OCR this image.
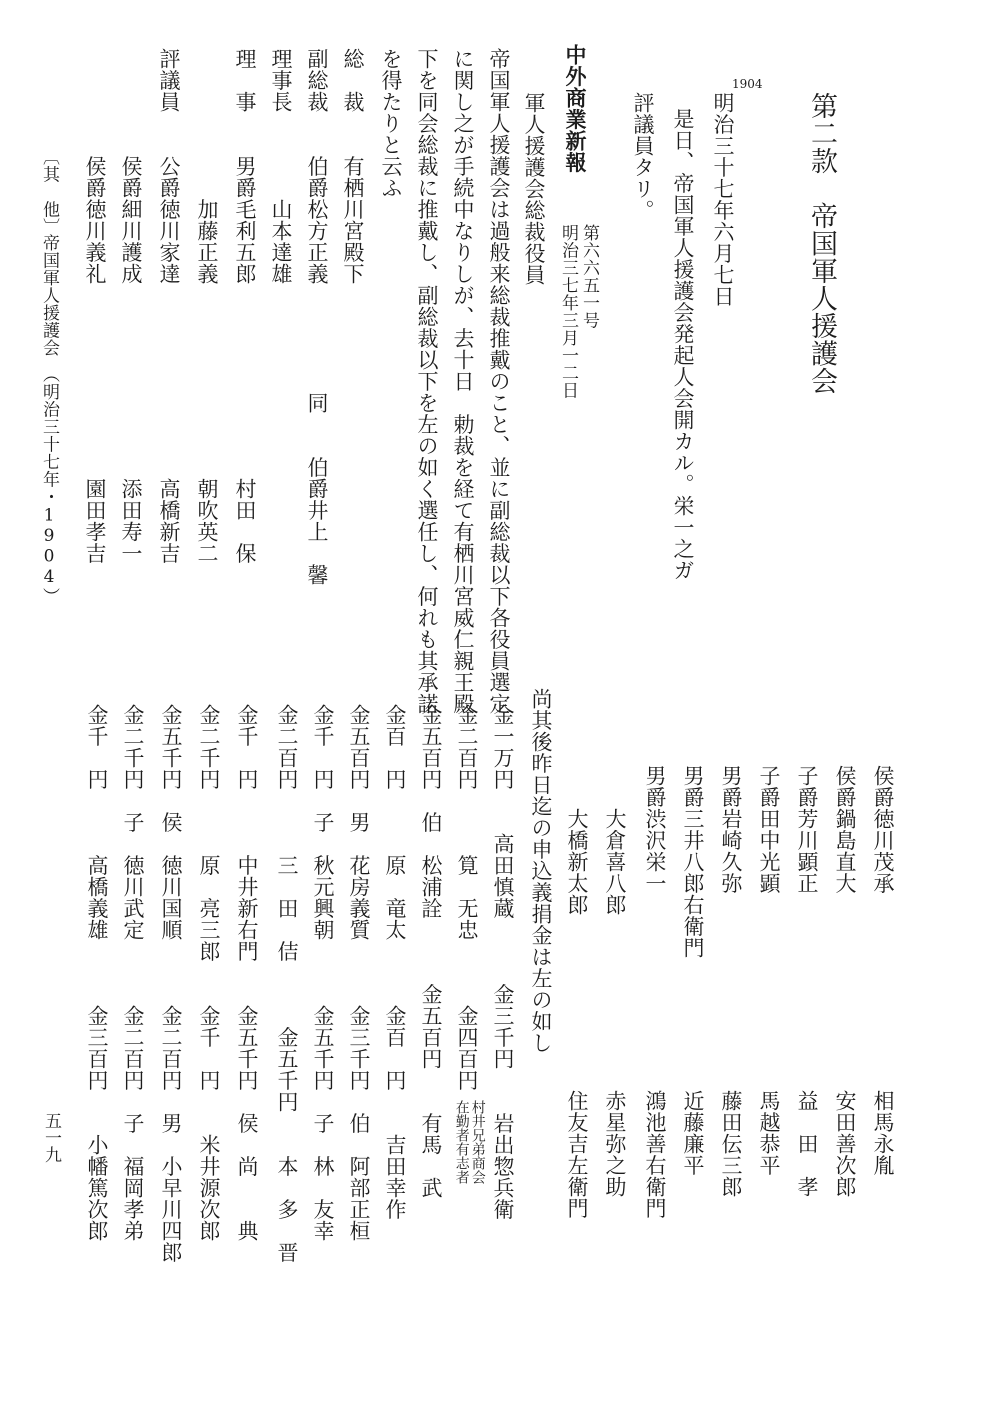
第二款　帝国軍人援護会
1904
明治三十七年六月七日
是日、帝国軍人援護会発起人会開カル。栄一之ガ
評議員タリ。
中外商業新報
第六六五一号
明治三七年三月一二日
軍人援護会総裁役員
帝国軍人援護会は過般来総裁推戴のこと、並に副総裁以下各役員選定
に関し之が手続中なりしが、去十日　勅裁を経て有栖川宮威仁親王殿
下を同会総裁に推戴し、副総裁以下を左の如く選任し、何れも其承諾
を得たりと云ふ
総　裁　　有栖川宮殿下
副総裁　　伯爵松方正義　　　　　同　　伯爵井上　馨
理事長　　　　山本達雄
理　事　　男爵毛利五郎　　　　　　　　　村田　保
　　　　　　　加藤正義　　　　　　　　　朝吹英二
評議員　　公爵徳川家達　　　　　　　　　高橋新吉
　　　　　侯爵細川護成　　　　　　　　　添田寿一
　　　　　侯爵徳川義礼　　　　　　　　　園田孝吉
〔其　他〕
帝国軍人援護会　（明治三十七年・1904）
侯爵徳川茂承
侯爵鍋島直大
子爵芳川顕正
子爵田中光顕
男爵岩崎久弥
男爵三井八郎右衛門
男爵渋沢栄一
　　大倉喜八郎
　　大橋新太郎
相馬永胤
安田善次郎
益　田　孝
馬越恭平
藤田伝三郎
近藤廉平
鴻池善右衛門
赤星弥之助
住友吉左衛門
尚其後昨日迄の申込義捐金は左の如し
金一万円　　高田慎蔵　　　金三千円　　岩出惣兵衛
金二百円　　　筧　无忠　　　金四百円
金五百円　伯　松浦詮　　　金五百円　　有馬　武
金百　円　　　原　竜太　　　金百　円　　吉田幸作
金五百円　男　花房義質　　　金三千円　伯　阿部正桓
金千　円　子　秋元興朝　　　金五千円　子　林　友幸
金二百円　　　三　田　佶　　　金五千円　　本　多　晋
金千　円　　　中井新右門　　金五千円　侯　尚　　典
金二千円　　　原　亮三郎　　金千　円　　米井源次郎
金五千円　侯　徳川国順　　　金二百円　男　小早川四郎
金二千円　子　徳川武定　　　金二百円　子　福岡孝弟
金千　円　　　高橋義雄　　　金三百円　　小幡篤次郎	村井兄弟商会
在勤者有志者
五一九
